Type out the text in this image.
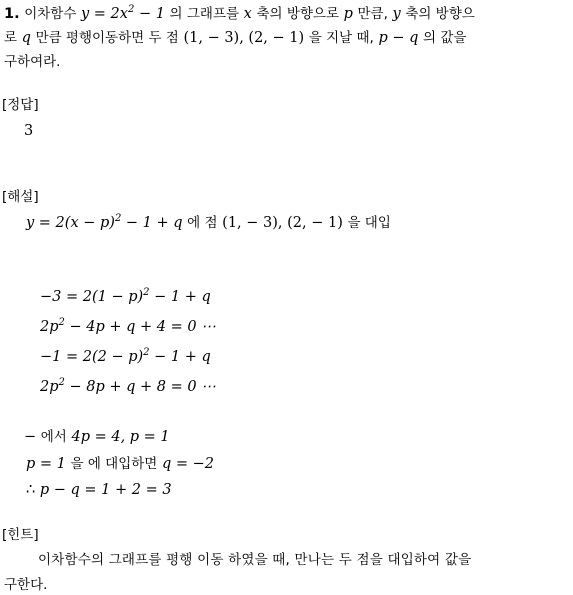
1. 이차함수 $y = 2x^2 - 1$ 의 그래프를 x 축의 방향으로 p 만큼, y 축의 방향으
로 q 만큼 평행이동하면 두 점 (1, − 3), (2, − 1) 을 지날 때, p − q 의 값을
구하여라.
[정답]
3
[해설]
$y = 2(x - p)^2 - 1 + q$ 에 점 (1, − 3), (2, − 1) 을 대입
$-3 = 2(1 - p)^2 - 1 + q$
$2p^2 - 4p + q + 4 = 0$ ⋯
$-1 = 2(2 - p)^2 - 1 + q$
$2p^2 - 8p + q + 8 = 0$ ⋯
− 에서 4p = 4, p = 1
p = 1 을 에 대입하면 q = −2
∴ p − q = 1 + 2 = 3
[힌트]
이차함수의 그래프를 평행 이동 하였을 때, 만나는 두 점을 대입하여 값을
구한다.
